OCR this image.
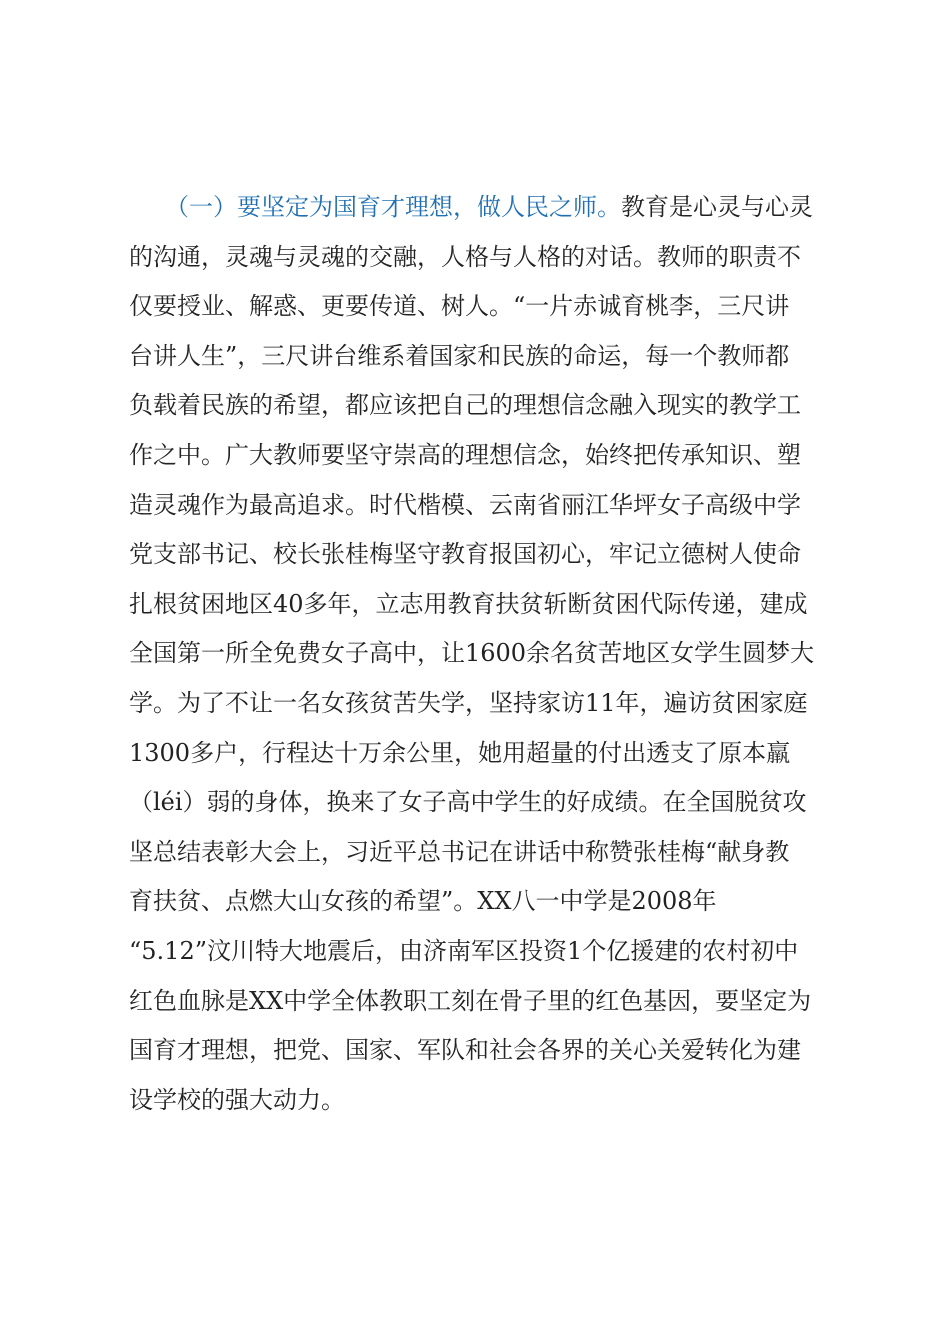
（一）要坚定为国育才理想，做人民之师。教育是心灵与心灵
的沟通，灵魂与灵魂的交融，人格与人格的对话。教师的职责不
仅要授业、解惑、更要传道、树人。“一片赤诚育桃李，三尺讲
台讲人生”，三尺讲台维系着国家和民族的命运，每一个教师都
负载着民族的希望，都应该把自己的理想信念融入现实的教学工
作之中。广大教师要坚守崇高的理想信念，始终把传承知识、塑
造灵魂作为最高追求。时代楷模、云南省丽江华坪女子高级中学
党支部书记、校长张桂梅坚守教育报国初心，牢记立德树人使命
扎根贫困地区40多年，立志用教育扶贫斩断贫困代际传递，建成
全国第一所全免费女子高中，让1600余名贫苦地区女学生圆梦大
学。为了不让一名女孩贫苦失学，坚持家访11年，遍访贫困家庭
1300多户，行程达十万余公里，她用超量的付出透支了原本羸
（léi）弱的身体，换来了女子高中学生的好成绩。在全国脱贫攻
坚总结表彰大会上，习近平总书记在讲话中称赞张桂梅“献身教
育扶贫、点燃大山女孩的希望”。XX八一中学是2008年
“5.12”汶川特大地震后，由济南军区投资1个亿援建的农村初中
红色血脉是XX中学全体教职工刻在骨子里的红色基因，要坚定为
国育才理想，把党、国家、军队和社会各界的关心关爱转化为建
设学校的强大动力。
